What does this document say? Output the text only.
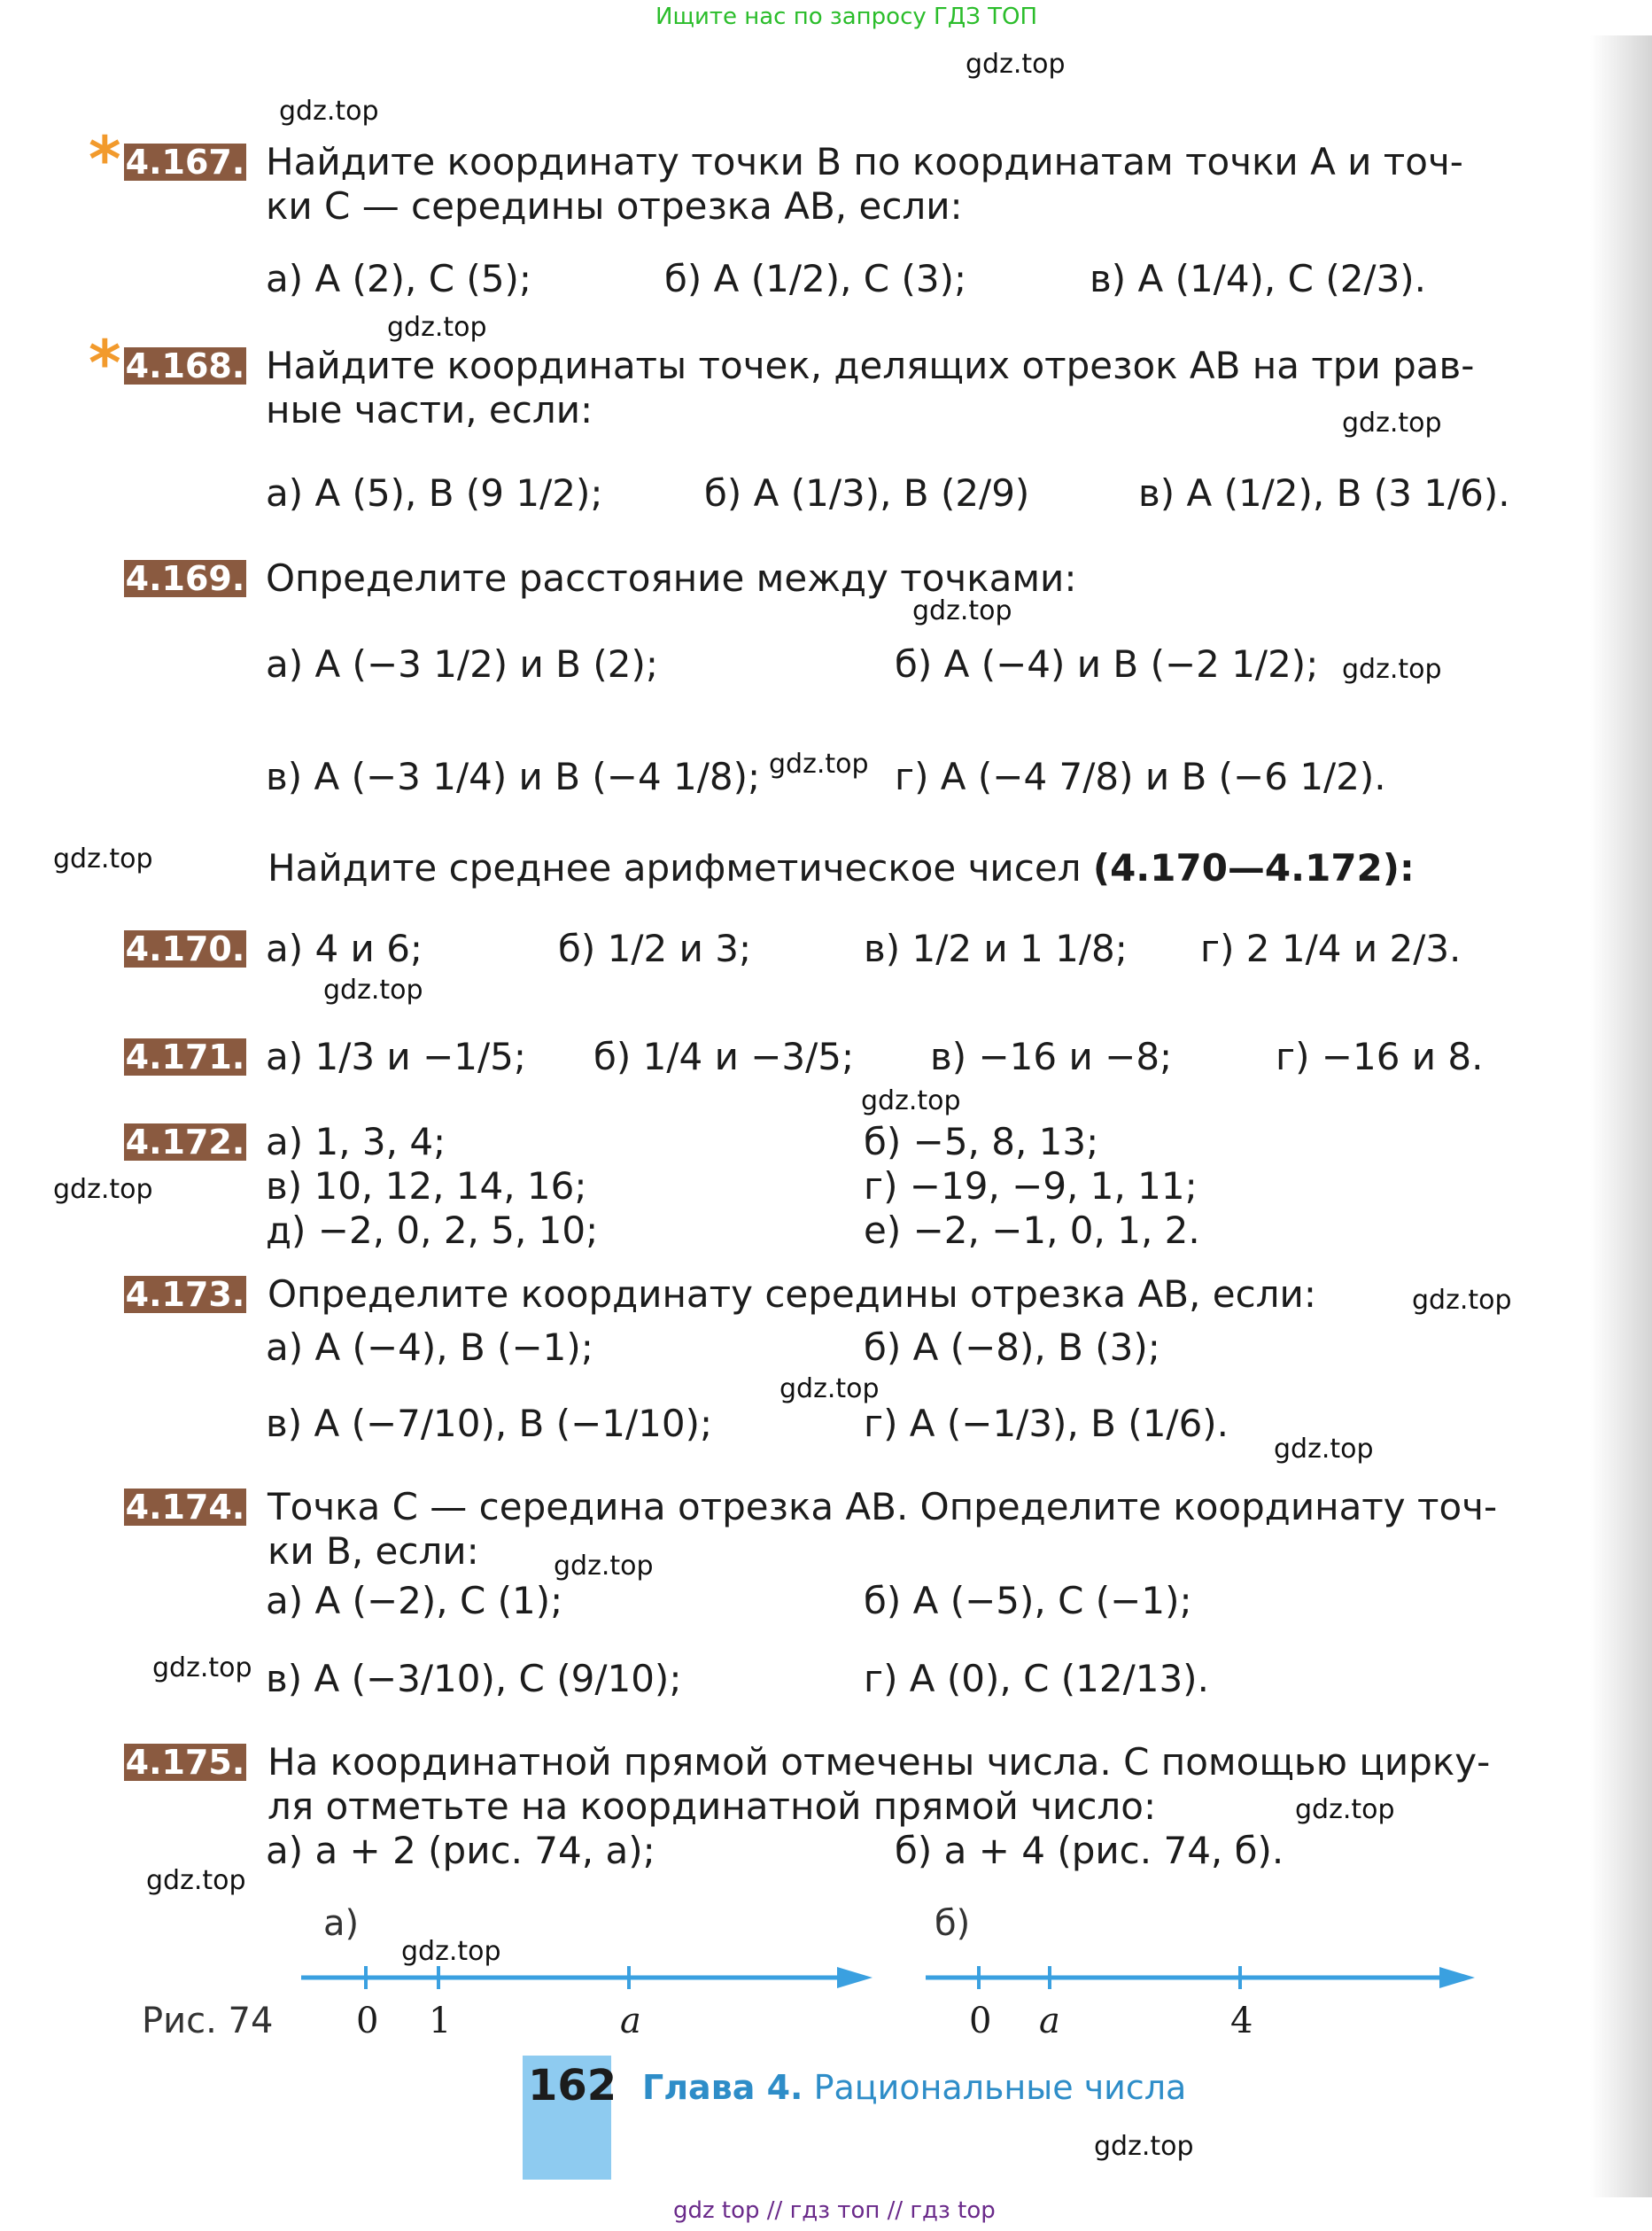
Ищите нас по запросу ГДЗ ТОП
gdz.top
gdz.top
gdz.top
gdz.top
gdz.top
gdz.top
gdz.top
gdz.top
gdz.top
gdz.top
gdz.top
gdz.top
gdz.top
gdz.top
gdz.top
gdz.top
gdz.top
gdz.top
gdz.top
gdz.top
* 4.167. Найдите координату точки B по координатам точки A и точ-
ки C — середины отрезка AB, если:
а) A (2), C (5);	б) A (1/2), C (3);	в) A (1/4), C (2/3).
* 4.168. Найдите координаты точек, делящих отрезок AB на три рав-
ные части, если:
а) A (5), B (9 1/2);	б) A (1/3), B (2/9)	в) A (1/2), B (3 1/6).
4.169. Определите расстояние между точками:
а) A (−3 1/2) и B (2);	б) A (−4) и B (−2 1/2);
в) A (−3 1/4) и B (−4 1/8);	г) A (−4 7/8) и B (−6 1/2).
Найдите среднее арифметическое чисел (4.170—4.172):
4.170. а) 4 и 6;	б) 1/2 и 3;	в) 1/2 и 1 1/8; г) 2 1/4 и 2/3.
4.171. а) 1/3 и −1/5; б) 1/4 и −3/5; в) −16 и −8;	г) −16 и 8.
4.172. а) 1, 3, 4;	б) −5, 8, 13;
в) 10, 12, 14, 16;	г) −19, −9, 1, 11;
д) −2, 0, 2, 5, 10;	е) −2, −1, 0, 1, 2.
4.173. Определите координату середины отрезка AB, если:
а) A (−4), B (−1);	б) A (−8), B (3);
в) A (−7/10), B (−1/10);	г) A (−1/3), B (1/6).
4.174. Точка C — середина отрезка AB. Определите координату точ-
ки B, если:
а) A (−2), C (1);	б) A (−5), C (−1);
в) A (−3/10), C (9/10);	г) A (0), C (12/13).
4.175. На координатной прямой отмечены числа. С помощью цирку-
ля отметьте на координатной прямой число:
а) a + 2 (рис. 74, а);	б) a + 4 (рис. 74, б).
а)	б)
Рис. 74 0 1	a	0 a	4
162 Глава 4. Рациональные числа
gdz top // гдз топ // гдз top
